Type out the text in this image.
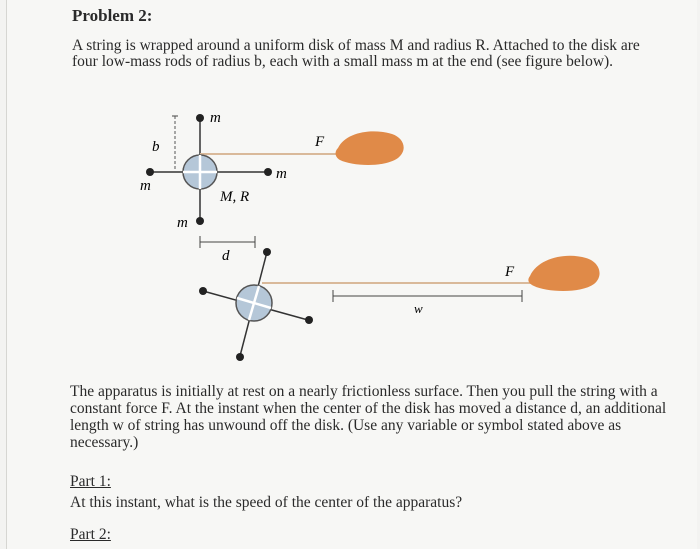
Problem 2:
A string is wrapped around a uniform disk of mass M and radius R. Attached to the disk are four low-mass rods of radius b, each with a small mass m at the end (see figure below).
b	F
m
m
m
M, R
m
d
F
w
The apparatus is initially at rest on a nearly frictionless surface. Then you pull the string with a constant force F. At the instant when the center of the disk has moved a distance d, an additional length w of string has unwound off the disk. (Use any variable or symbol stated above as necessary.)
Part 1:
At this instant, what is the speed of the center of the apparatus?
Part 2:
